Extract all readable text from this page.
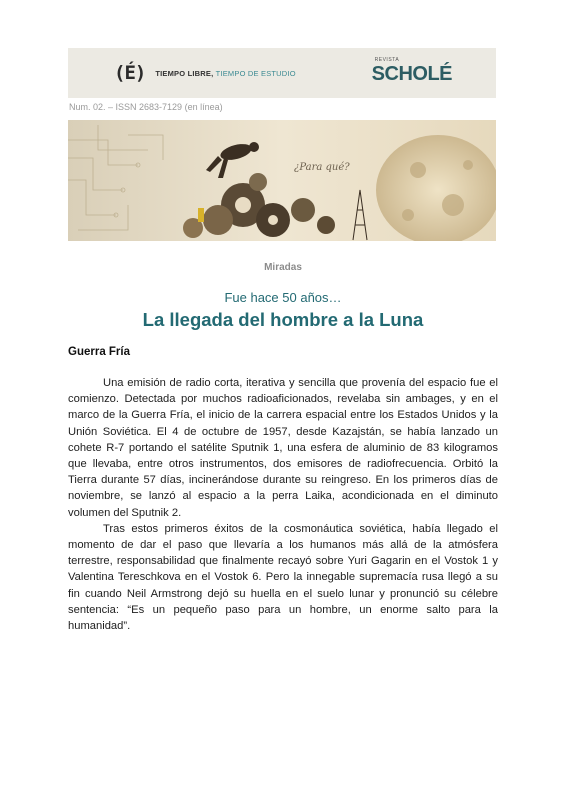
(É) TIEMPO LIBRE, TIEMPO DE ESTUDIO
REVISTA
SCHOLÉ
Num. 02. – ISSN 2683-7129 (en línea)
¿Para qué?
Miradas
Fue hace 50 años…
La llegada del hombre a la Luna
Guerra Fría

Una emisión de radio corta, iterativa y sencilla que provenía del espacio fue el comienzo. Detectada por muchos radioaficionados, revelaba sin ambages, y en el marco de la Guerra Fría, el inicio de la carrera espacial entre los Estados Unidos y la Unión Soviética. El 4 de octubre de 1957, desde Kazajstán, se había lanzado un cohete R-7 portando el satélite Sputnik 1, una esfera de aluminio de 83 kilogramos que llevaba, entre otros instrumentos, dos emisores de radiofrecuencia. Orbitó la Tierra durante 57 días, incinerándose durante su reingreso. En los primeros días de noviembre, se lanzó al espacio a la perra Laika, acondicionada en el diminuto volumen del Sputnik 2.

Tras estos primeros éxitos de la cosmonáutica soviética, había llegado el momento de dar el paso que llevaría a los humanos más allá de la atmósfera terrestre, responsabilidad que finalmente recayó sobre Yuri Gagarin en el Vostok 1 y Valentina Tereschkova en el Vostok 6. Pero la innegable supremacía rusa llegó a su fin cuando Neil Armstrong dejó su huella en el suelo lunar y pronunció su célebre sentencia: “Es un pequeño paso para un hombre, un enorme salto para la humanidad”.
